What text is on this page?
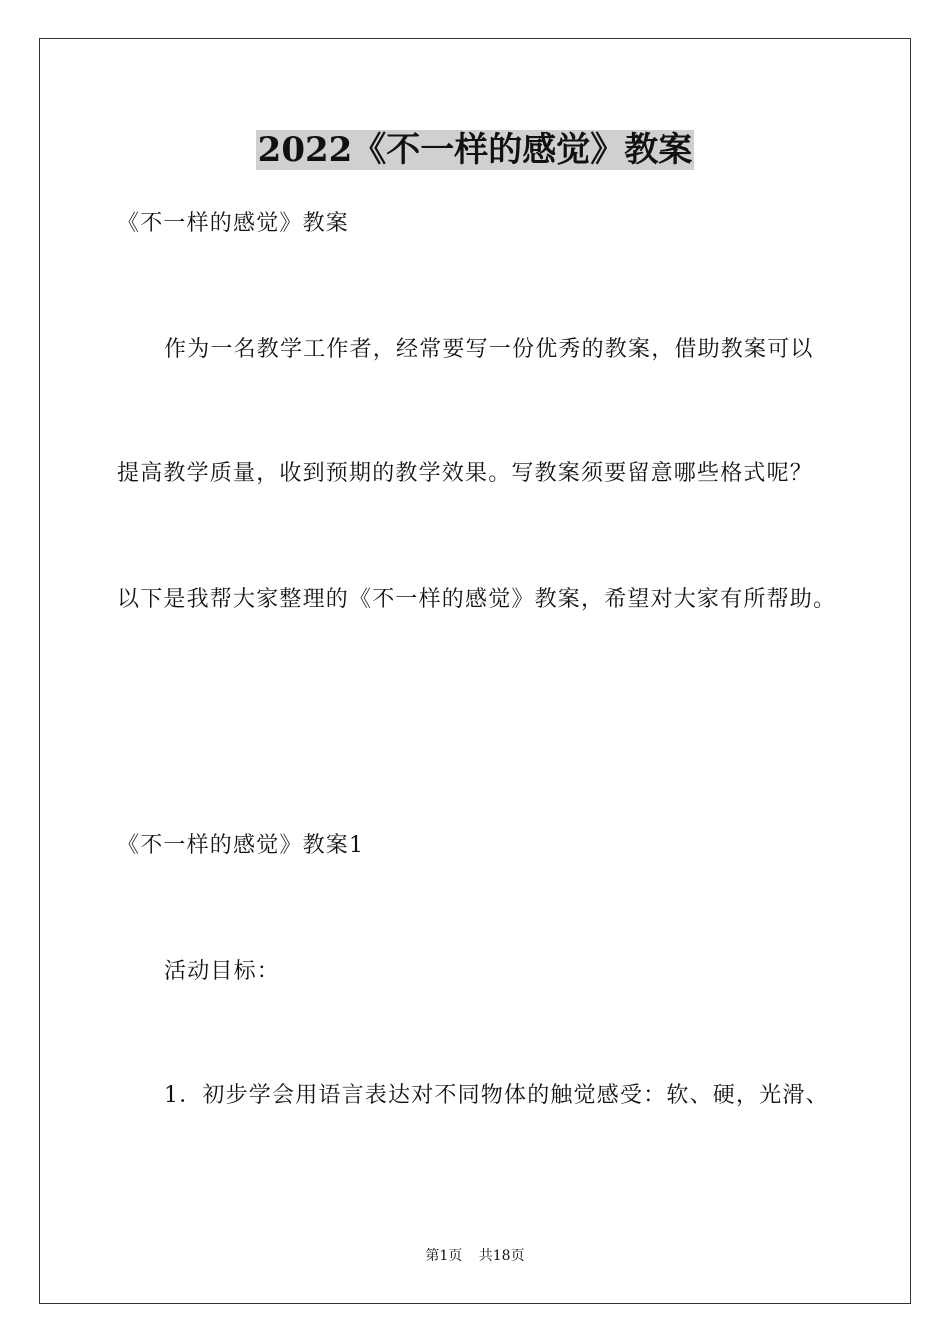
2022《不一样的感觉》教案
《不一样的感觉》教案
作为一名教学工作者，经常要写一份优秀的教案，借助教案可以
提高教学质量，收到预期的教学效果。写教案须要留意哪些格式呢？
以下是我帮大家整理的《不一样的感觉》教案，希望对大家有所帮助。
《不一样的感觉》教案1
活动目标：
1．初步学会用语言表达对不同物体的触觉感受：软、硬，光滑、
第1页 共18页
